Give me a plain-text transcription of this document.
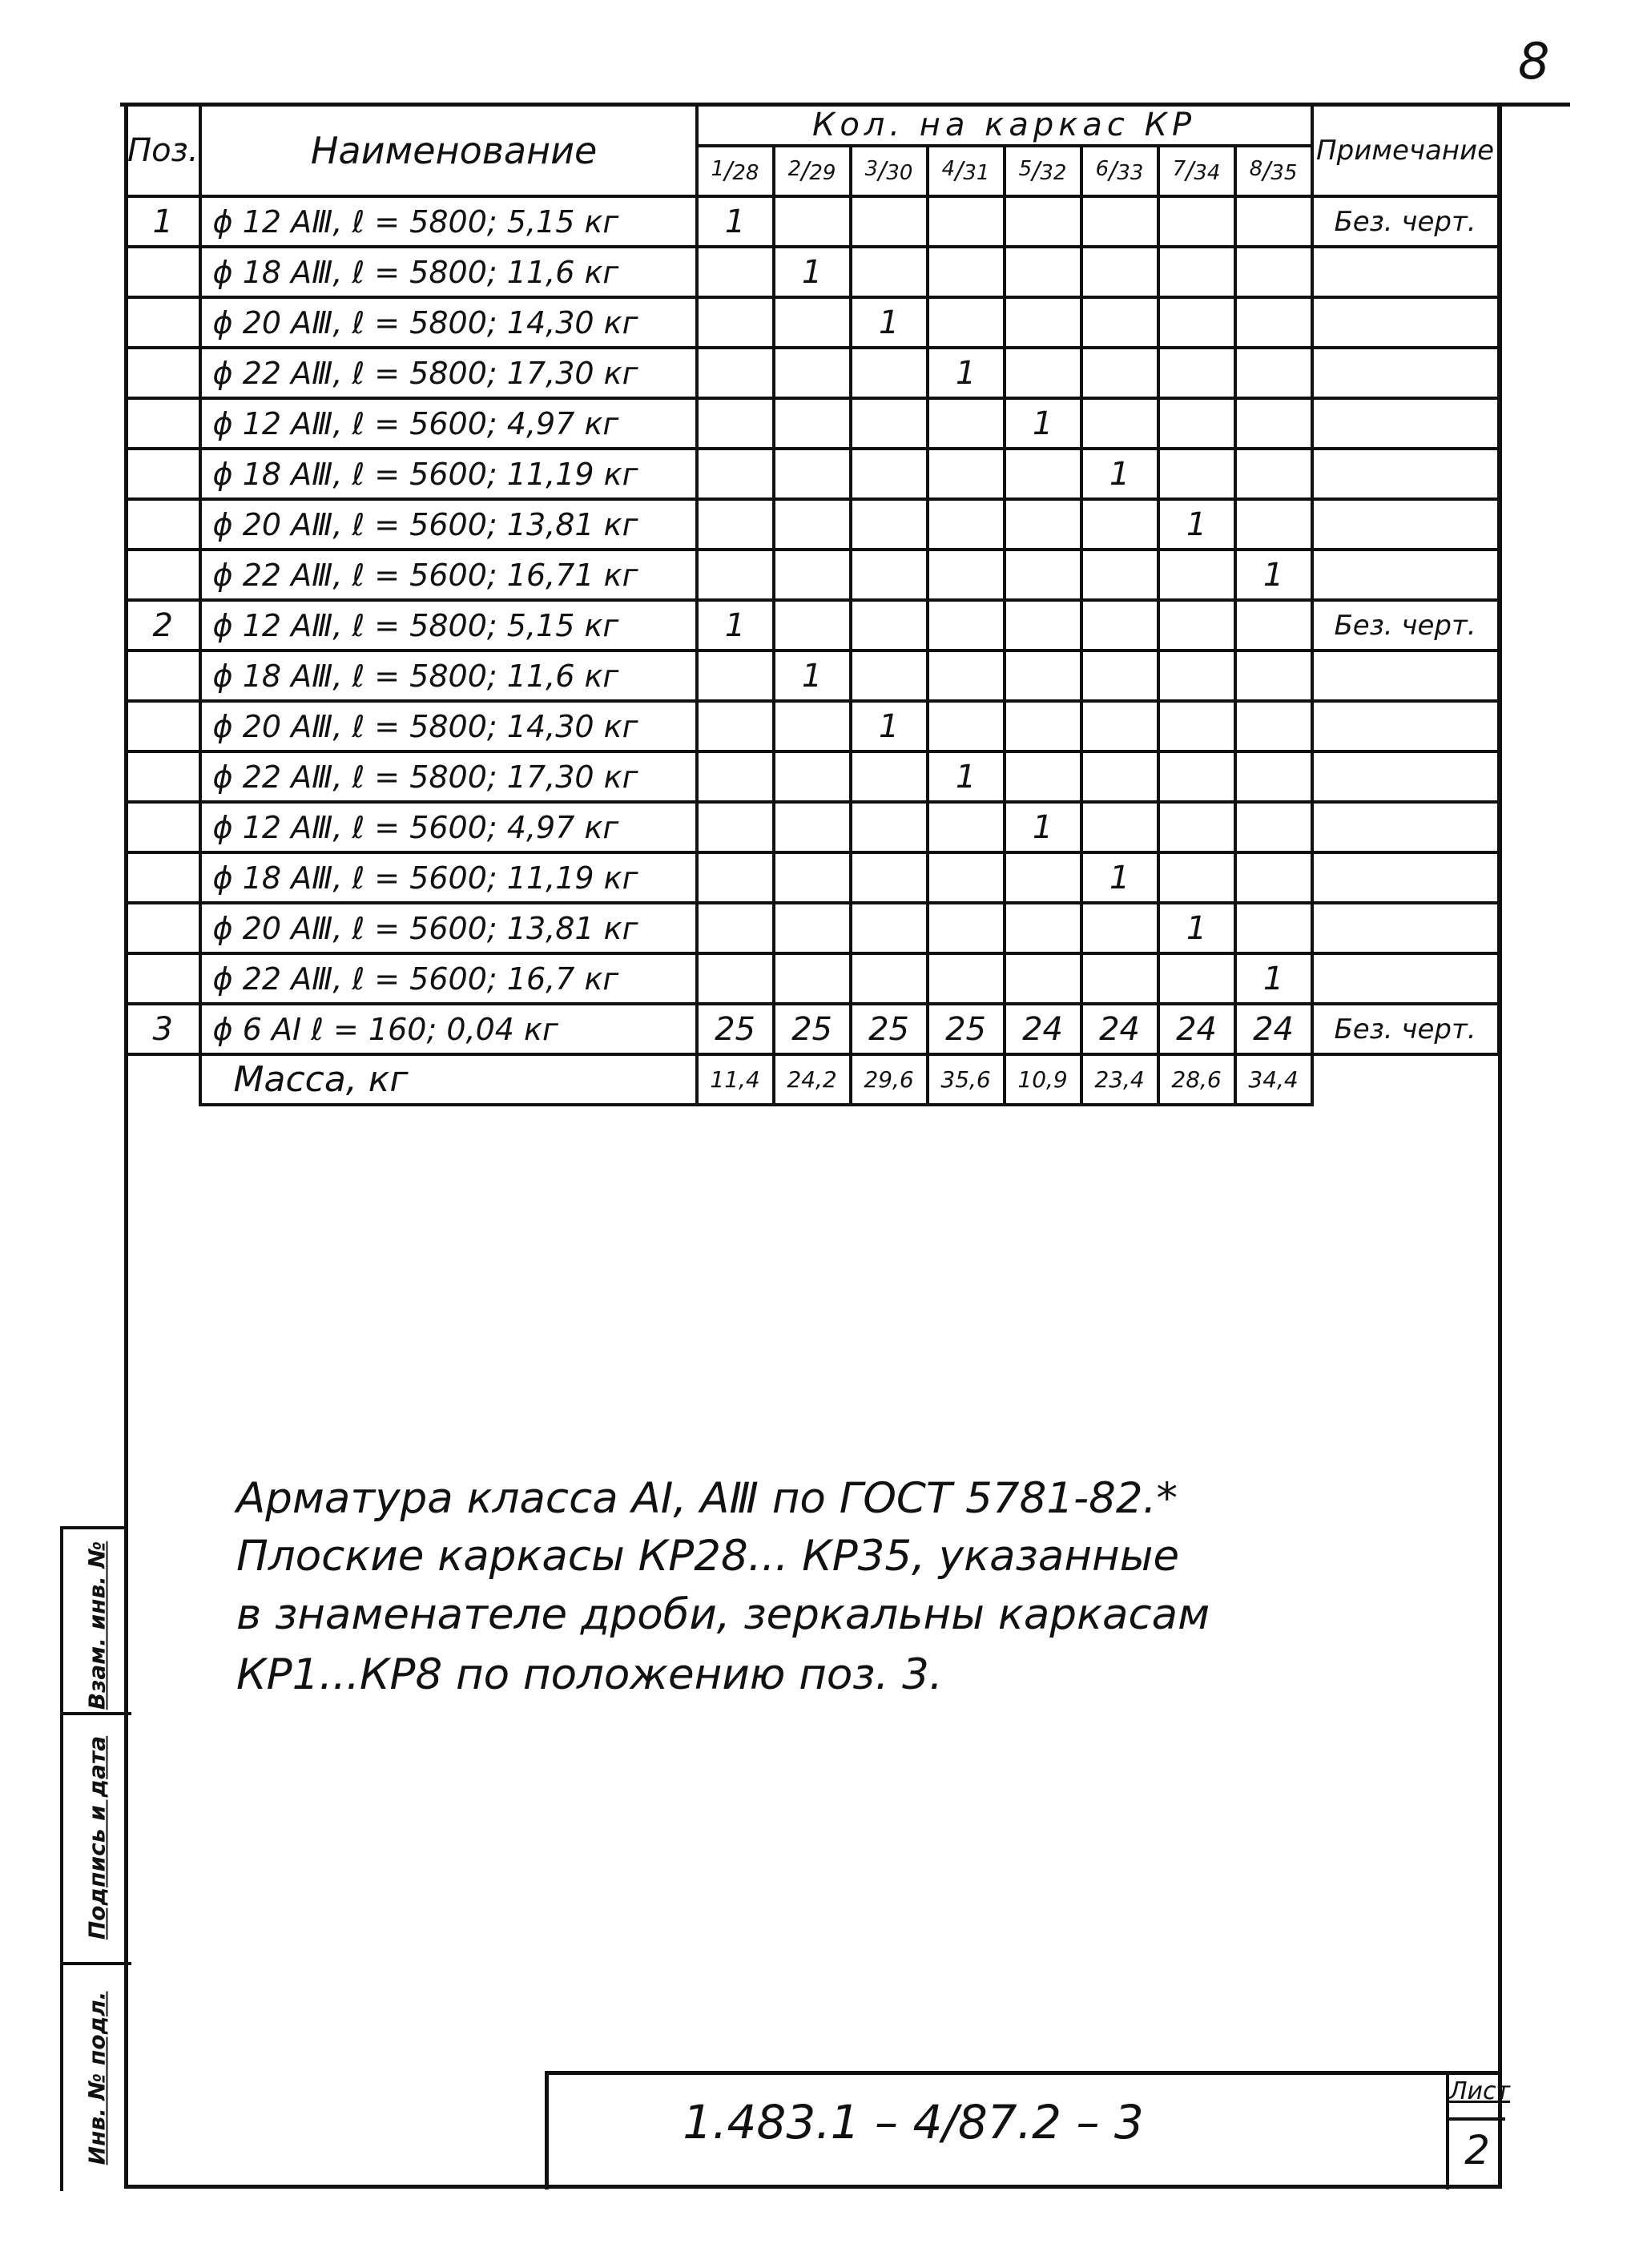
8
Поз.	Наименование	Кол. на каркас КР								Примечание
		1/28	2/29	3/30	4/31	5/32	6/33	7/34	8/35	
1	ϕ 12 AⅢ, ℓ = 5800; 5,15 кг	1								Без. черт.
	ϕ 18 AⅢ, ℓ = 5800; 11,6 кг		1							
	ϕ 20 AⅢ, ℓ = 5800; 14,30 кг			1						
	ϕ 22 AⅢ, ℓ = 5800; 17,30 кг				1					
	ϕ 12 AⅢ, ℓ = 5600; 4,97 кг					1				
	ϕ 18 AⅢ, ℓ = 5600; 11,19 кг						1			
	ϕ 20 AⅢ, ℓ = 5600; 13,81 кг							1		
	ϕ 22 AⅢ, ℓ = 5600; 16,71 кг								1	
2	ϕ 12 AⅢ, ℓ = 5800; 5,15 кг	1								Без. черт.
	ϕ 18 AⅢ, ℓ = 5800; 11,6 кг		1							
	ϕ 20 AⅢ, ℓ = 5800; 14,30 кг			1						
	ϕ 22 AⅢ, ℓ = 5800; 17,30 кг				1					
	ϕ 12 AⅢ, ℓ = 5600; 4,97 кг					1				
	ϕ 18 AⅢ, ℓ = 5600; 11,19 кг						1			
	ϕ 20 AⅢ, ℓ = 5600; 13,81 кг							1		
	ϕ 22 AⅢ, ℓ = 5600; 16,7 кг								1	
3	ϕ 6 AⅠ ℓ = 160; 0,04 кг	25	25	25	25	24	24	24	24	Без. черт.
	Масса, кг	11,4	24,2	29,6	35,6	10,9	23,4	28,6	34,4	
Арматура класса AⅠ, AⅢ по ГОСТ 5781-82.*
Плоские каркасы КР28... КР35, указанные
в знаменателе дроби, зеркальны каркасам
КР1...КР8 по положению поз. 3.
Взам. инв. №
Подпись и дата
Инв. № подл.	1.483.1 – 4/87.2 – 3
Лист
2
